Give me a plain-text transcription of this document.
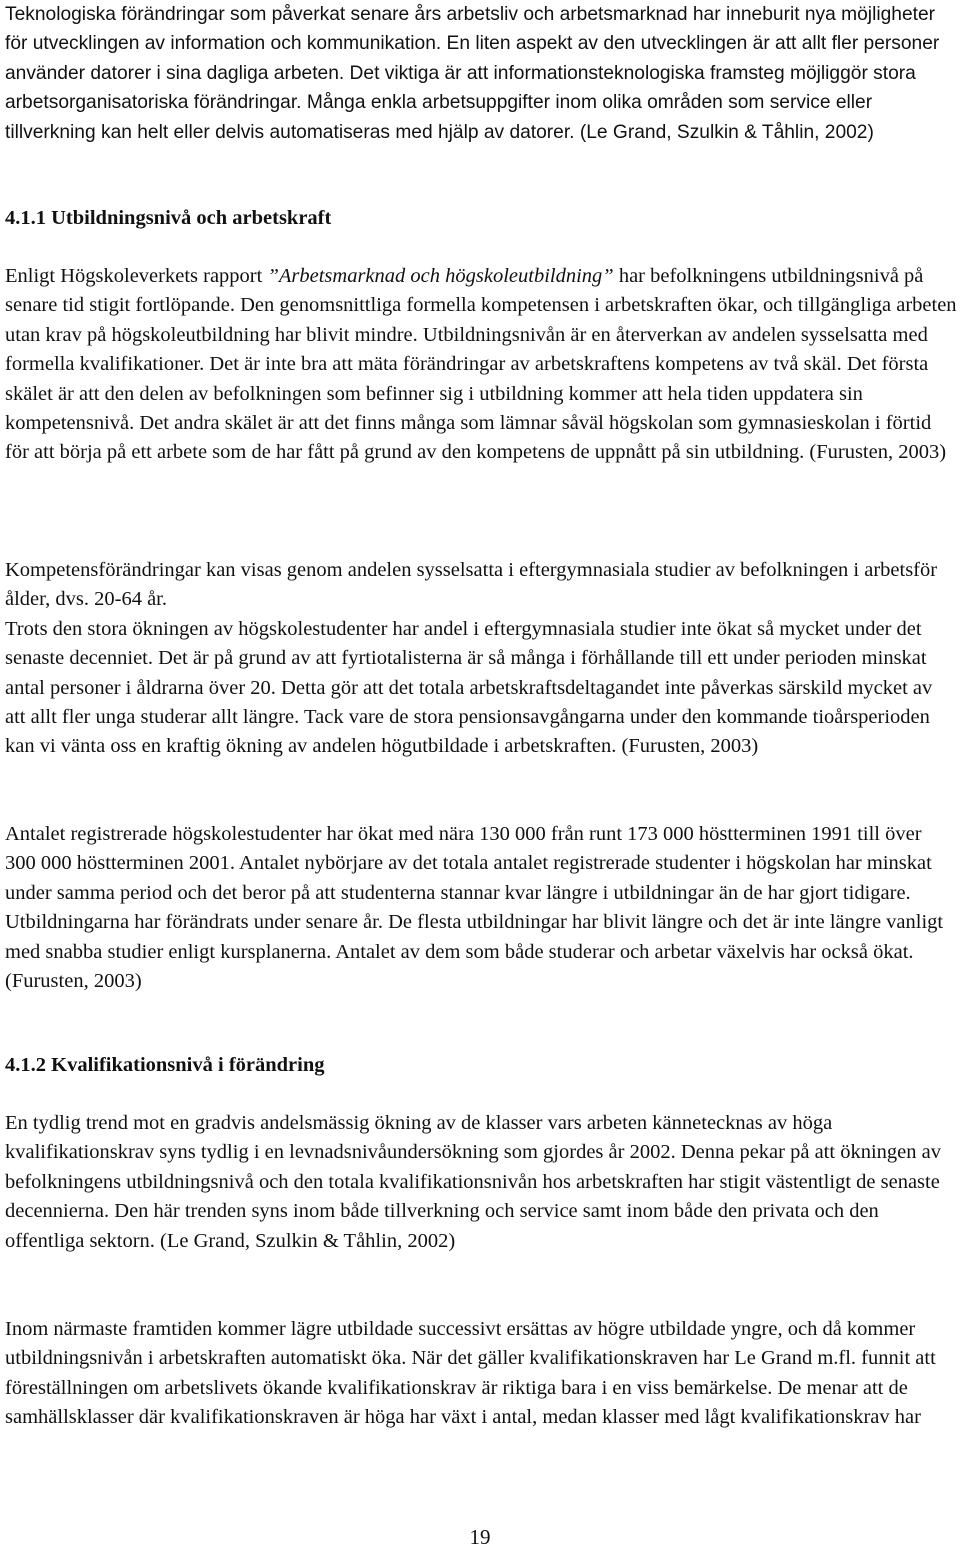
Teknologiska förändringar som påverkat senare års arbetsliv och arbetsmarknad har inneburit nya möjligheter för utvecklingen av information och kommunikation. En liten aspekt av den utvecklingen är att allt fler personer använder datorer i sina dagliga arbeten. Det viktiga är att informationsteknologiska framsteg möjliggör stora arbetsorganisatoriska förändringar. Många enkla arbetsuppgifter inom olika områden som service eller tillverkning kan helt eller delvis automatiseras med hjälp av datorer. (Le Grand, Szulkin & Tåhlin, 2002)

4.1.1 Utbildningsnivå och arbetskraft

Enligt Högskoleverkets rapport ”Arbetsmarknad och högskoleutbildning” har befolkningens utbildningsnivå på senare tid stigit fortlöpande. Den genomsnittliga formella kompetensen i arbetskraften ökar, och tillgängliga arbeten utan krav på högskoleutbildning har blivit mindre. Utbildningsnivån är en återverkan av andelen sysselsatta med formella kvalifikationer. Det är inte bra att mäta förändringar av arbetskraftens kompetens av två skäl. Det första skälet är att den delen av befolkningen som befinner sig i utbildning kommer att hela tiden uppdatera sin kompetensnivå. Det andra skälet är att det finns många som lämnar såväl högskolan som gymnasieskolan i förtid för att börja på ett arbete som de har fått på grund av den kompetens de uppnått på sin utbildning. (Furusten, 2003)

Kompetensförändringar kan visas genom andelen sysselsatta i eftergymnasiala studier av befolkningen i arbetsför ålder, dvs. 20-64 år.

Trots den stora ökningen av högskolestudenter har andel i eftergymnasiala studier inte ökat så mycket under det senaste decenniet. Det är på grund av att fyrtiotalisterna är så många i förhållande till ett under perioden minskat antal personer i åldrarna över 20. Detta gör att det totala arbetskraftsdeltagandet inte påverkas särskild mycket av att allt fler unga studerar allt längre. Tack vare de stora pensionsavgångarna under den kommande tioårsperioden kan vi vänta oss en kraftig ökning av andelen högutbildade i arbetskraften. (Furusten, 2003)

Antalet registrerade högskolestudenter har ökat med nära 130 000 från runt 173 000 höstterminen 1991 till över 300 000 höstterminen 2001. Antalet nybörjare av det totala antalet registrerade studenter i högskolan har minskat under samma period och det beror på att studenterna stannar kvar längre i utbildningar än de har gjort tidigare. Utbildningarna har förändrats under senare år. De flesta utbildningar har blivit längre och det är inte längre vanligt med snabba studier enligt kursplanerna. Antalet av dem som både studerar och arbetar växelvis har också ökat. (Furusten, 2003)

4.1.2 Kvalifikationsnivå i förändring

En tydlig trend mot en gradvis andelsmässig ökning av de klasser vars arbeten kännetecknas av höga kvalifikationskrav syns tydlig i en levnadsnivåundersökning som gjordes år 2002. Denna pekar på att ökningen av befolkningens utbildningsnivå och den totala kvalifikationsnivån hos arbetskraften har stigit västentligt de senaste decennierna. Den här trenden syns inom både tillverkning och service samt inom både den privata och den offentliga sektorn. (Le Grand, Szulkin & Tåhlin, 2002)

Inom närmaste framtiden kommer lägre utbildade successivt ersättas av högre utbildade yngre, och då kommer utbildningsnivån i arbetskraften automatiskt öka. När det gäller kvalifikationskraven har Le Grand m.fl. funnit att föreställningen om arbetslivets ökande kvalifikationskrav är riktiga bara i en viss bemärkelse. De menar att de samhällsklasser där kvalifikationskraven är höga har växt i antal, medan klasser med lågt kvalifikationskrav har

19
